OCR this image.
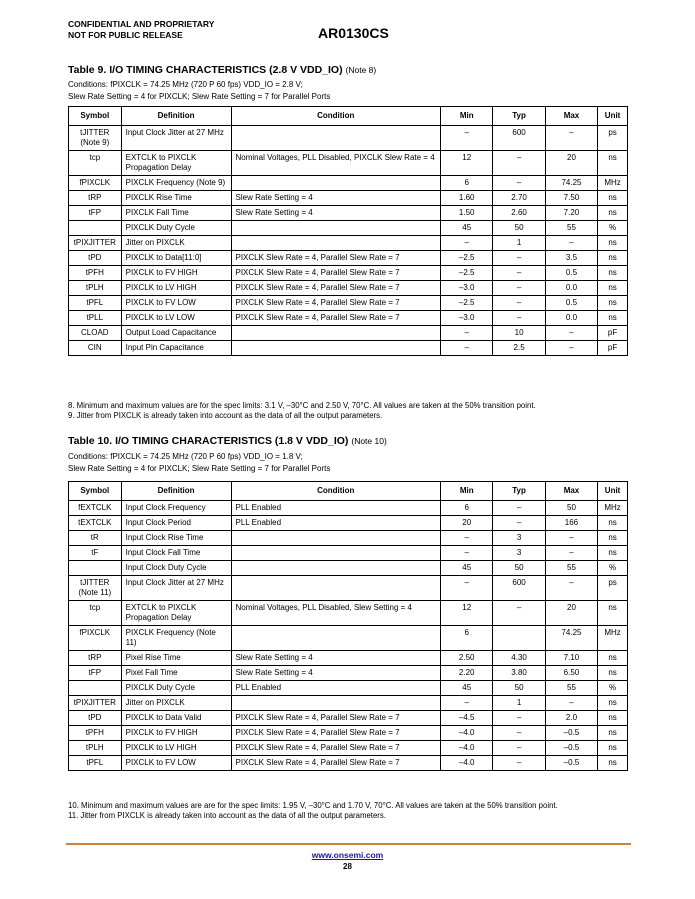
CONFIDENTIAL AND PROPRIETARY
NOT FOR PUBLIC RELEASE	AR0130CS
Table 9. I/O TIMING CHARACTERISTICS (2.8 V VDD_IO) (Note 8)
Conditions: fPIXCLK = 74.25 MHz (720 P 60 fps) VDD_IO = 2.8 V;
Slew Rate Setting = 4 for PIXCLK; Slew Rate Setting = 7 for Parallel Ports
Symbol	Definition	Condition	Min	Typ	Max	Unit
tJITTER (Note 9)	Input Clock Jitter at 27 MHz		–	600	–	ps
tcp	EXTCLK to PIXCLK Propagation Delay	Nominal Voltages, PLL Disabled, PIXCLK Slew Rate = 4	12	–	20	ns
fPIXCLK	PIXCLK Frequency (Note 9)		6	–	74.25	MHz
tRP	PIXCLK Rise Time	Slew Rate Setting = 4	1.60	2.70	7.50	ns
tFP	PIXCLK Fall Time	Slew Rate Setting = 4	1.50	2.60	7.20	ns
	PIXCLK Duty Cycle		45	50	55	%
tPIXJITTER	Jitter on PIXCLK		–	1	–	ns
tPD	PIXCLK to Data[11:0]	PIXCLK Slew Rate = 4, Parallel Slew Rate = 7	–2.5	–	3.5	ns
tPFH	PIXCLK to FV HIGH	PIXCLK Slew Rate = 4, Parallel Slew Rate = 7	–2.5	–	0.5	ns
tPLH	PIXCLK to LV HIGH	PIXCLK Slew Rate = 4, Parallel Slew Rate = 7	–3.0	–	0.0	ns
tPFL	PIXCLK to FV LOW	PIXCLK Slew Rate = 4, Parallel Slew Rate = 7	–2.5	–	0.5	ns
tPLL	PIXCLK to LV LOW	PIXCLK Slew Rate = 4, Parallel Slew Rate = 7	–3.0	–	0.0	ns
CLOAD	Output Load Capacitance		–	10	–	pF
CIN	Input Pin Capacitance		–	2.5	–	pF
8. Minimum and maximum values are for the spec limits: 3.1 V, –30°C and 2.50 V, 70°C. All values are taken at the 50% transition point.
9. Jitter from PIXCLK is already taken into account as the data of all the output parameters.
Table 10. I/O TIMING CHARACTERISTICS (1.8 V VDD_IO) (Note 10)
Conditions: fPIXCLK = 74.25 MHz (720 P 60 fps) VDD_IO = 1.8 V;
Slew Rate Setting = 4 for PIXCLK; Slew Rate Setting = 7 for Parallel Ports
Symbol	Definition	Condition	Min	Typ	Max	Unit
fEXTCLK	Input Clock Frequency	PLL Enabled	6	–	50	MHz
tEXTCLK	Input Clock Period	PLL Enabled	20	–	166	ns
tR	Input Clock Rise Time		–	3	–	ns
tF	Input Clock Fall Time		–	3	–	ns
	Input Clock Duty Cycle		45	50	55	%
tJITTER (Note 11)	Input Clock Jitter at 27 MHz		–	600	–	ps
tcp	EXTCLK to PIXCLK Propagation Delay	Nominal Voltages, PLL Disabled, Slew Setting = 4	12	–	20	ns
fPIXCLK	PIXCLK Frequency (Note 11)		6		74.25	MHz
tRP	Pixel Rise Time	Slew Rate Setting = 4	2.50	4.30	7.10	ns
tFP	Pixel Fall Time	Slew Rate Setting = 4	2.20	3.80	6.50	ns
	PIXCLK Duty Cycle	PLL Enabled	45	50	55	%
tPIXJITTER	Jitter on PIXCLK		–	1	–	ns
tPD	PIXCLK to Data Valid	PIXCLK Slew Rate = 4, Parallel Slew Rate = 7	–4.5	–	2.0	ns
tPFH	PIXCLK to FV HIGH	PIXCLK Slew Rate = 4, Parallel Slew Rate = 7	–4.0	–	–0.5	ns
tPLH	PIXCLK to LV HIGH	PIXCLK Slew Rate = 4, Parallel Slew Rate = 7	–4.0	–	–0.5	ns
tPFL	PIXCLK to FV LOW	PIXCLK Slew Rate = 4, Parallel Slew Rate = 7	–4.0	–	–0.5	ns
10. Minimum and maximum values are are for the spec limits: 1.95 V, –30°C and 1.70 V, 70°C. All values are taken at the 50% transition point.
11. Jitter from PIXCLK is already taken into account as the data of all the output parameters.
www.onsemi.com
28
